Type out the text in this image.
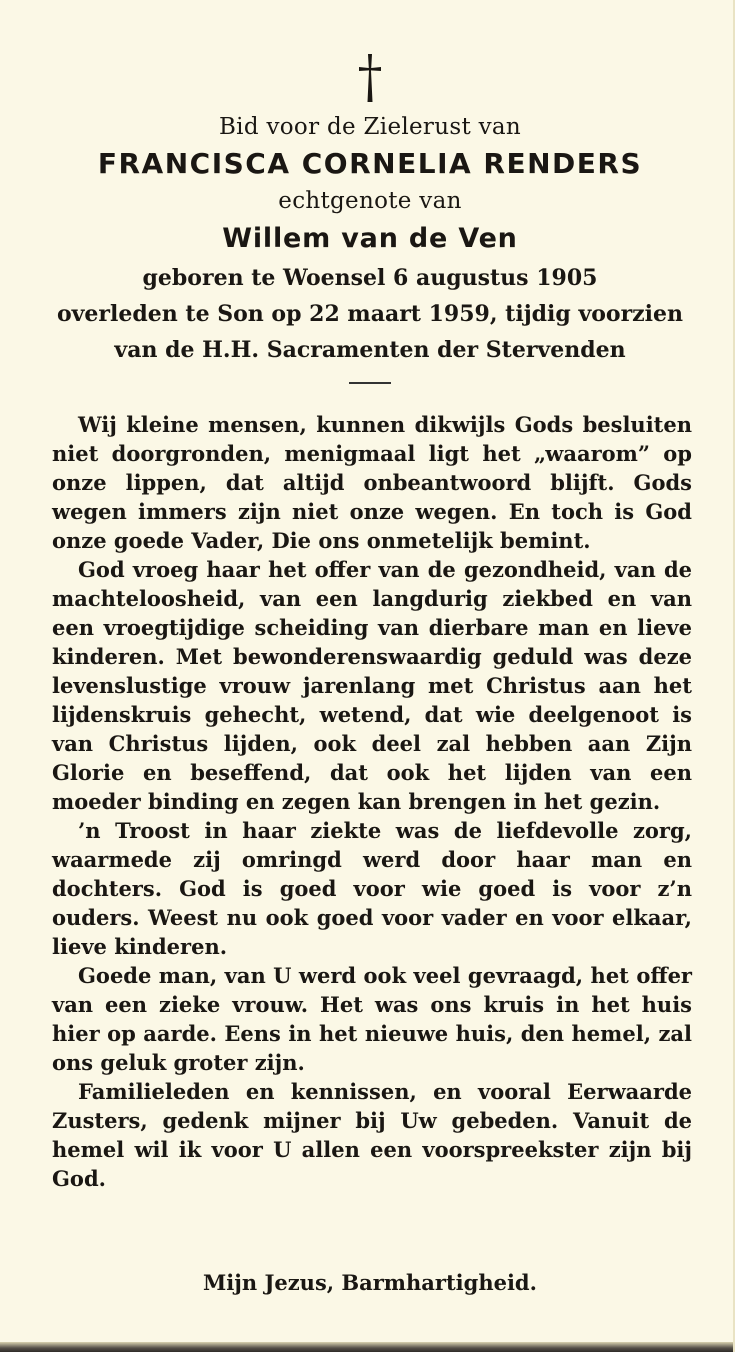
Bid voor de Zielerust van
FRANCISCA CORNELIA RENDERS
echtgenote van
Willem van de Ven
geboren te Woensel 6 augustus 1905
overleden te Son op 22 maart 1959, tijdig voorzien
van de H.H. Sacramenten der Stervenden

Wij kleine mensen, kunnen dikwijls Gods besluiten niet doorgronden, menigmaal ligt het „waarom” op onze lippen, dat altijd onbeantwoord blijft. Gods wegen immers zijn niet onze wegen. En toch is God onze goede Vader, Die ons onmetelijk bemint.

God vroeg haar het offer van de gezondheid, van de machteloosheid, van een langdurig ziekbed en van een vroegtijdige scheiding van dierbare man en lieve kinderen. Met bewonderenswaardig geduld was deze levenslustige vrouw jarenlang met Christus aan het lijdenskruis gehecht, wetend, dat wie deelgenoot is van Christus lijden, ook deel zal hebben aan Zijn Glorie en beseffend, dat ook het lijden van een moeder binding en zegen kan brengen in het gezin.

’n Troost in haar ziekte was de liefdevolle zorg, waarmede zij omringd werd door haar man en dochters. God is goed voor wie goed is voor z’n ouders. Weest nu ook goed voor vader en voor elkaar, lieve kinderen.

Goede man, van U werd ook veel gevraagd, het offer van een zieke vrouw. Het was ons kruis in het huis hier op aarde. Eens in het nieuwe huis, den hemel, zal ons geluk groter zijn.

Familieleden en kennissen, en vooral Eerwaarde Zusters, gedenk mijner bij Uw gebeden. Vanuit de hemel wil ik voor U allen een voorspreekster zijn bij God.

Mijn Jezus, Barmhartigheid.
